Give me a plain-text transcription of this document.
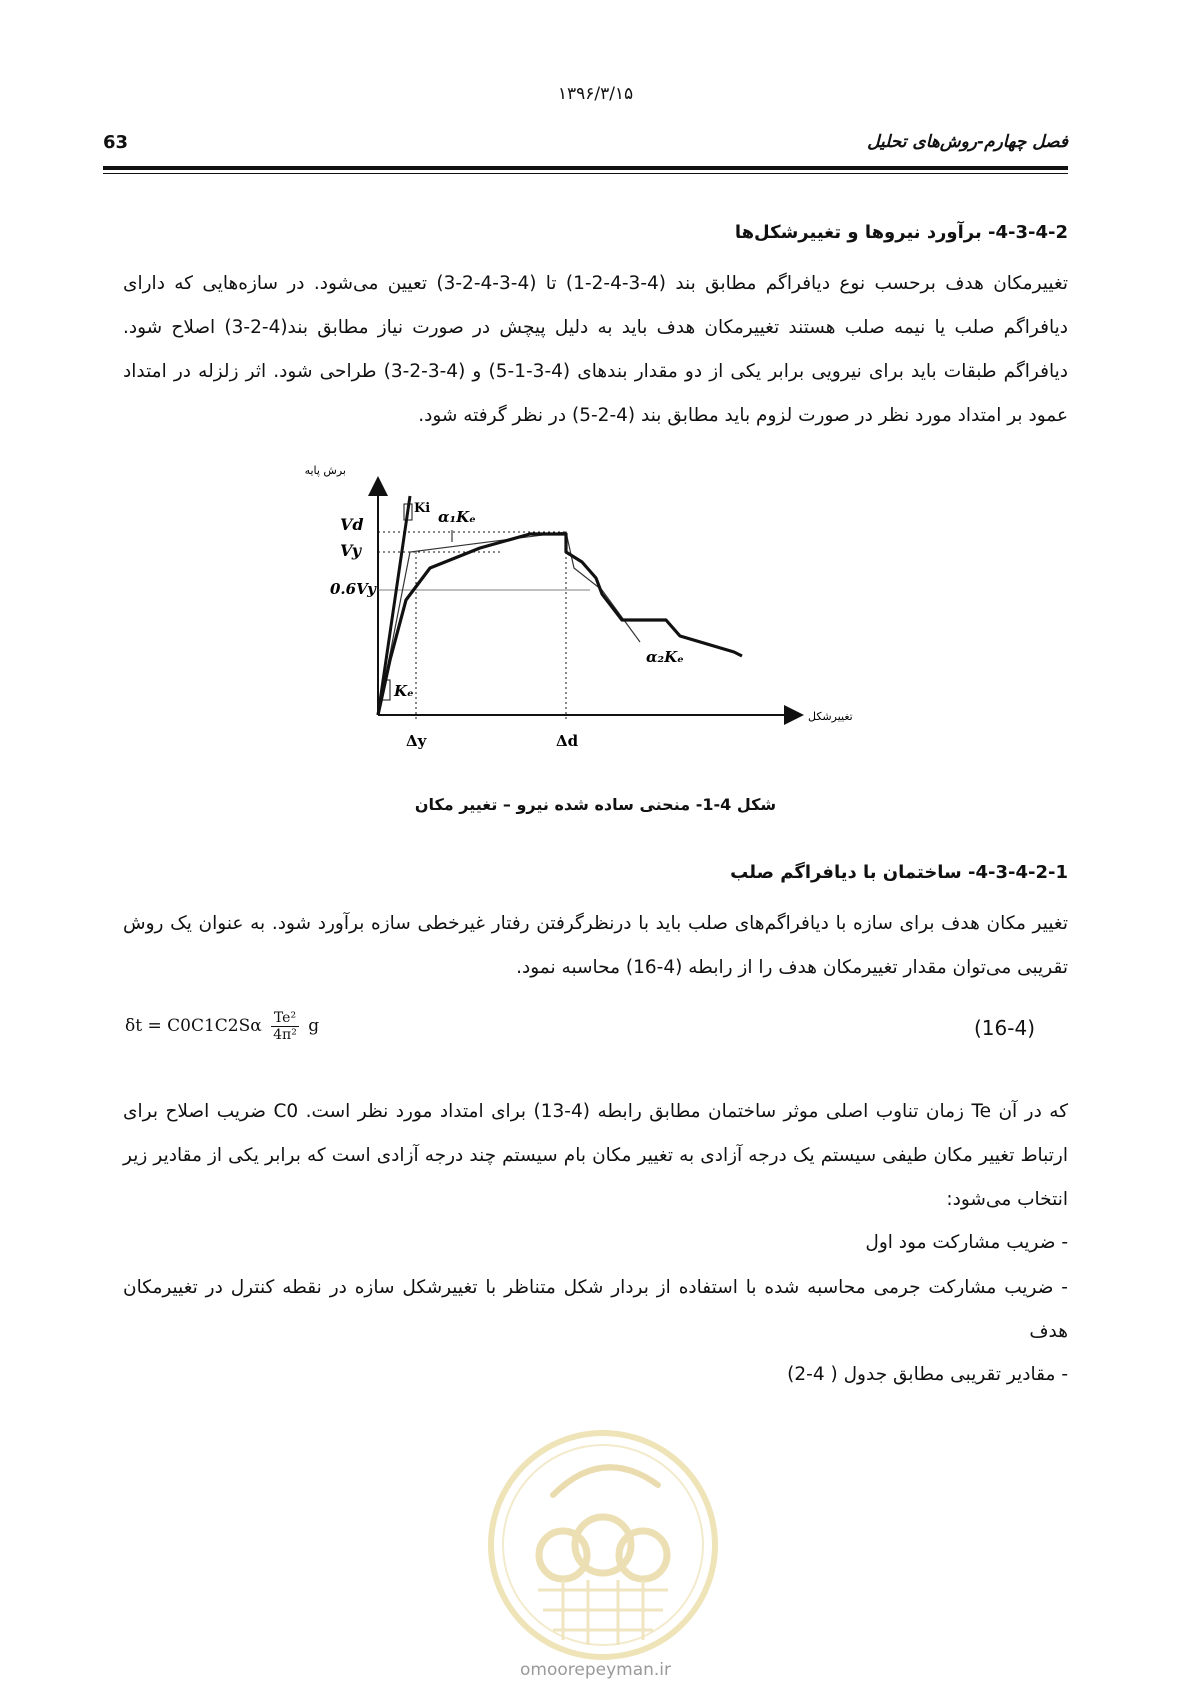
۱۳۹۶/۳/۱۵
63	فصل چهارم-روش‌های تحلیل
4-3-4-2- برآورد نیروها و تغییرشکل‌ها

تغییرمکان هدف برحسب نوع دیافراگم مطابق بند (4-3-4-2-1) تا (4-3-4-2-3) تعیین می‌شود. در سازه‌هایی که دارای دیافراگم صلب یا نیمه صلب هستند تغییرمکان هدف باید به دلیل پیچش در صورت نیاز مطابق بند(4-2-3) اصلاح شود. دیافراگم طبقات باید برای نیرویی برابر یکی از دو مقدار بندهای (4-3-1-5) و (4-3-2-3) طراحی شود. اثر زلزله در امتداد عمود بر امتداد مورد نظر در صورت لزوم باید مطابق بند (4-2-5) در نظر گرفته شود.

برش پایه
تغییرشکل
Ki α₁Kₑ
Vd
Vy
0.6Vy
Kₑ
α₂Kₑ
Δy	Δd
شکل 4-1- منحنی ساده شده نیرو – تغییر مکان
4-3-4-2-1- ساختمان با دیافراگم صلب

تغییر مکان هدف برای سازه با دیافراگم‌های صلب باید با درنظرگرفتن رفتار غیرخطی سازه برآورد شود. به عنوان یک روش تقریبی می‌توان مقدار تغییرمکان هدف را از رابطه (4-16) محاسبه نمود.

$\delta t = C0C1C2S\alpha \frac{\text{Te²}}{\text{4π²}}$ g	(16-4)

که در آن Te زمان تناوب اصلی موثر ساختمان مطابق رابطه (4-13) برای امتداد مورد نظر است. C0 ضریب اصلاح برای ارتباط تغییر مکان طیفی سیستم یک درجه آزادی به تغییر مکان بام سیستم چند درجه آزادی است که برابر یکی از مقادیر زیر انتخاب می‌شود:

- ضریب مشارکت مود اول

- ضریب مشارکت جرمی محاسبه شده با استفاده از بردار شکل متناظر با تغییرشکل سازه در نقطه کنترل در تغییرمکان هدف

- مقادیر تقریبی مطابق جدول ( 4-2)
omoorepeyman.ir
